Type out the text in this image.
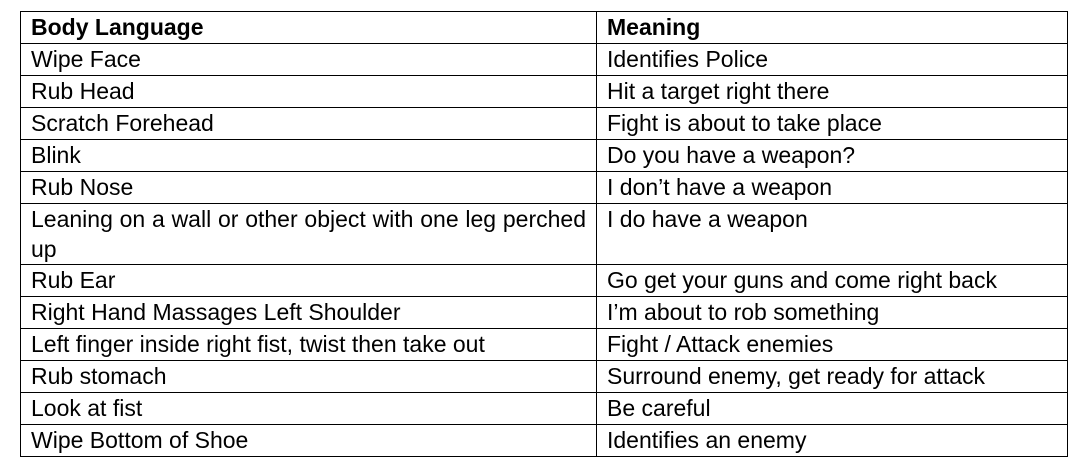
Body Language	Meaning
Wipe Face	Identifies Police
Rub Head	Hit a target right there
Scratch Forehead	Fight is about to take place
Blink	Do you have a weapon?
Rub Nose	I don’t have a weapon
Leaning on a wall or other object with one leg perched up	I do have a weapon
Rub Ear	Go get your guns and come right back
Right Hand Massages Left Shoulder	I’m about to rob something
Left finger inside right fist, twist then take out	Fight / Attack enemies
Rub stomach	Surround enemy, get ready for attack
Look at fist	Be careful
Wipe Bottom of Shoe	Identifies an enemy
